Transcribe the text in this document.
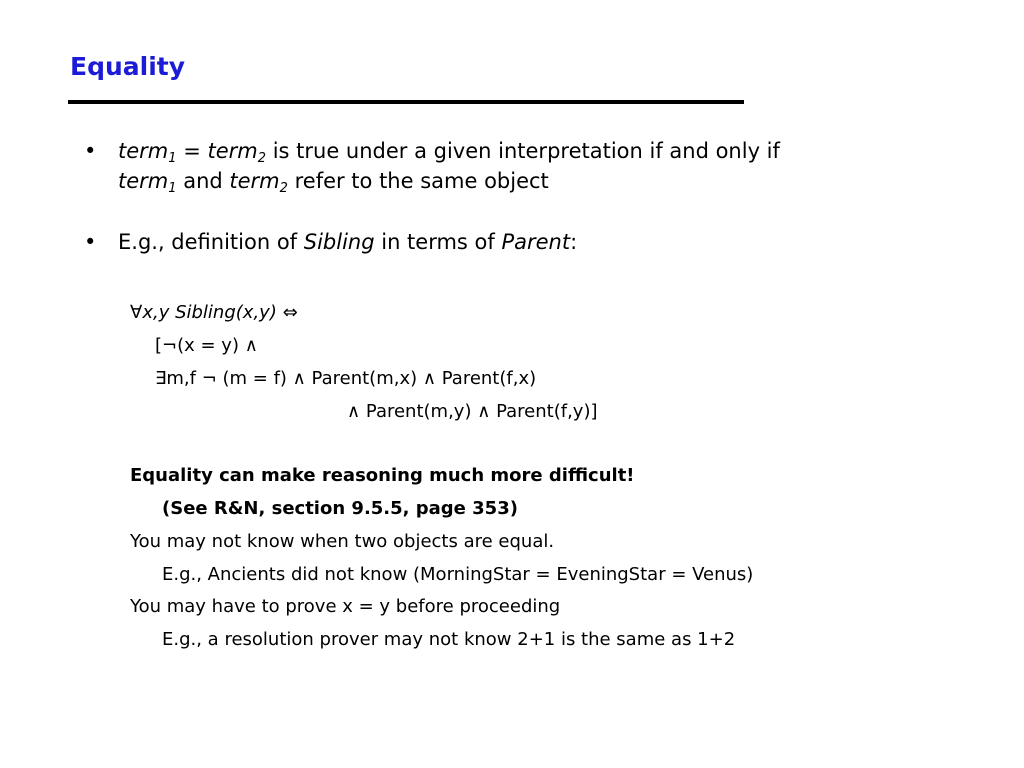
Equality
• term$_1$ = term$_2$ is true under a given interpretation if and only if
term$_1$ and term$_2$ refer to the same object
• E.g., definition of Sibling in terms of Parent:
∀x,y Sibling(x,y) ⇔
[¬(x = y) ∧
∃m,f ¬ (m = f) ∧ Parent(m,x) ∧ Parent(f,x)
∧ Parent(m,y) ∧ Parent(f,y)]
Equality can make reasoning much more difficult!
(See R&N, section 9.5.5, page 353)
You may not know when two objects are equal.
E.g., Ancients did not know (MorningStar = EveningStar = Venus)
You may have to prove x = y before proceeding
E.g., a resolution prover may not know 2+1 is the same as 1+2
